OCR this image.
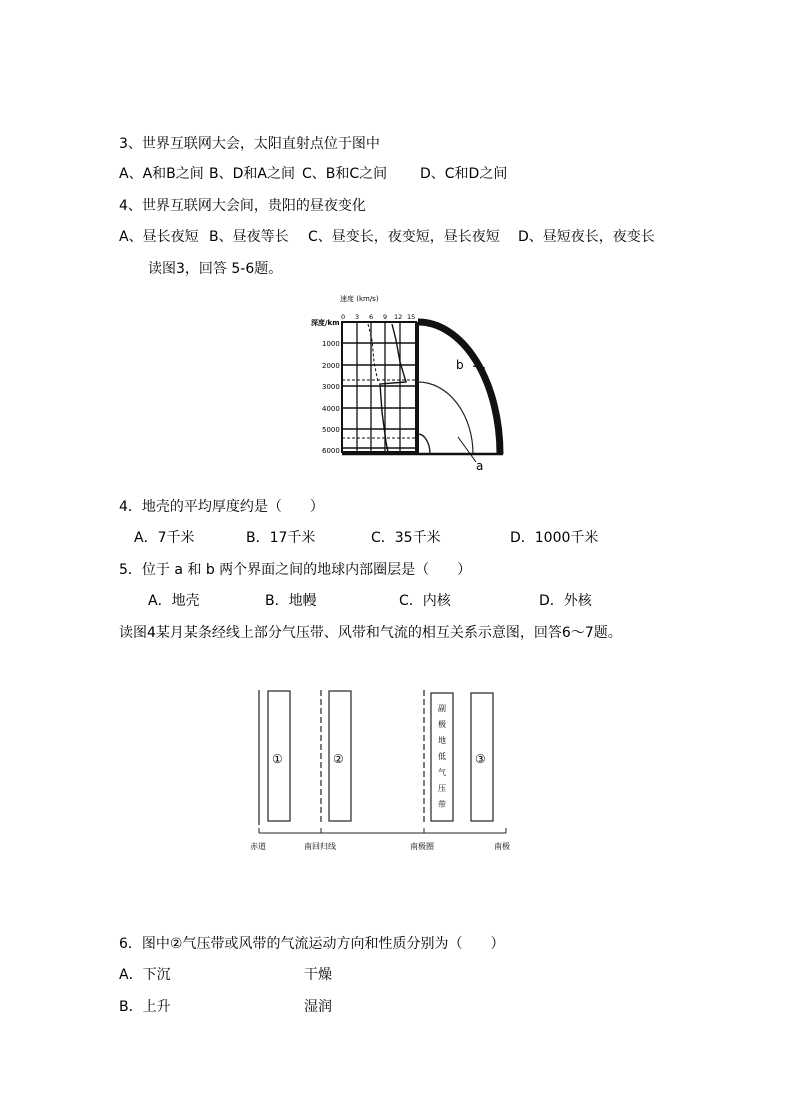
3、世界互联网大会，太阳直射点位于图中
A、A和B之间 B、D和A之间 C、B和C之间 D、C和D之间
4、世界互联网大会间，贵阳的昼夜变化
A、昼长夜短 B、昼夜等长 C、昼变长，夜变短，昼长夜短 D、昼短夜长，夜变长
读图3，回答 5-6题。
速度 (km/s)
0 3 6 9 12 15
深度/km
1000
2000
3000
4000
5000
6000
b
a
4．地壳的平均厚度约是（　　）
A．7千米	B．17千米	C．35千米	D．1000千米
5．位于 a 和 b 两个界面之间的地球内部圈层是（　　）
A．地壳	B．地幔	C．内核	D．外核
读图4某月某条经线上部分气压带、风带和气流的相互关系示意图，回答6～7题。
①	②	③
副极地低气压带
赤道	南回归线	南极圈	南极
6．图中②气压带或风带的气流运动方向和性质分别为（　　）
A．下沉	干燥
B．上升	湿润
